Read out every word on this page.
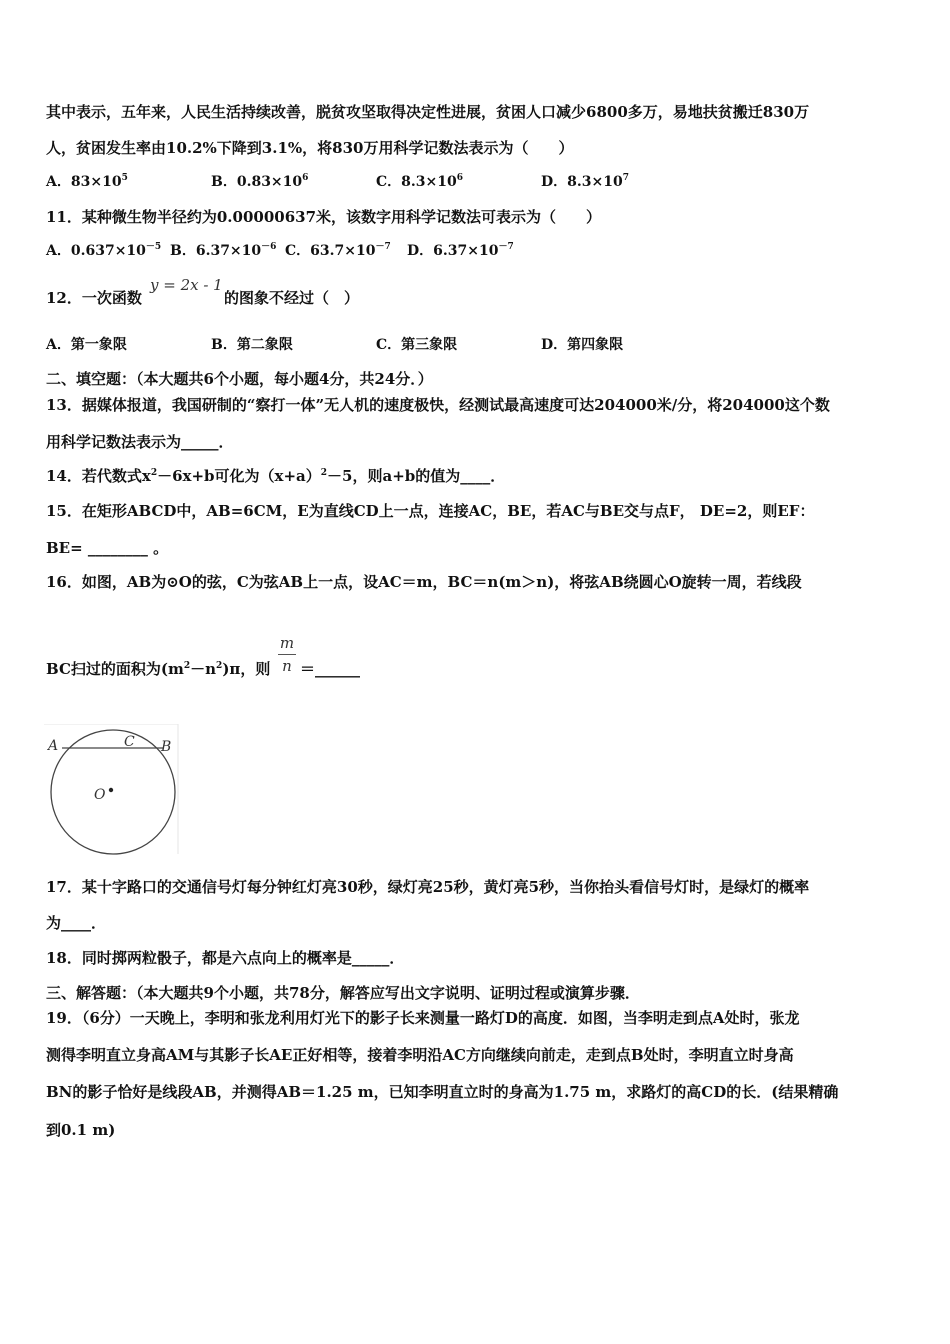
其中表示，五年来，人民生活持续改善，脱贫攻坚取得决定性进展，贫困人口减少6800多万，易地扶贫搬迁830万
人，贫困发生率由10.2%下降到3.1%，将830万用科学记数法表示为（　　）
A．$83\times 10^5$	B．$0.83\times 10^6$	C．$8.3\times 10^6$	D．$8.3\times 10^7$
11．某种微生物半径约为0.00000637米，该数字用科学记数法可表示为（　　）
A．$0.637\times 10^{-5}$ B．$6.37\times 10^{-6}$ C．$63.7\times 10^{-7}$ D．$6.37\times 10^{-7}$
12．一次函数
y = 2x - 1
的图象不经过（　）
A．第一象限	B．第二象限	C．第三象限	D．第四象限
二、填空题：（本大题共6个小题，每小题4分，共24分．）
13．据媒体报道，我国研制的“察打一体”无人机的速度极快，经测试最高速度可达204000米/分，将204000这个数
用科学记数法表示为_____．
14．若代数式$x^2-6x+b$可化为$(x+a)^2-5$，则a+b的值为____．
15．在矩形ABCD中，AB=6CM，E为直线CD上一点，连接AC，BE，若AC与BE交与点F， DE=2，则EF：
BE= ________ 。
16．如图，AB为⊙O的弦，C为弦AB上一点，设AC＝m，BC＝n(m＞n)，将弦AB绕圆心O旋转一周，若线段
BC扫过的面积为$(m^2-n^2)\pi$，则
m
n ＝______
A	C B
O
17．某十字路口的交通信号灯每分钟红灯亮30秒，绿灯亮25秒，黄灯亮5秒，当你抬头看信号灯时，是绿灯的概率
为____．
18．同时掷两粒骰子，都是六点向上的概率是_____．
三、解答题：（本大题共9个小题，共78分，解答应写出文字说明、证明过程或演算步骤．
19．（6分）一天晚上，李明和张龙利用灯光下的影子长来测量一路灯D的高度．如图，当李明走到点A处时，张龙
测得李明直立身高AM与其影子长AE正好相等，接着李明沿AC方向继续向前走，走到点B处时，李明直立时身高
BN的影子恰好是线段AB，并测得AB＝1.25 m，已知李明直立时的身高为1.75 m，求路灯的高CD的长．(结果精确
到0.1 m)
